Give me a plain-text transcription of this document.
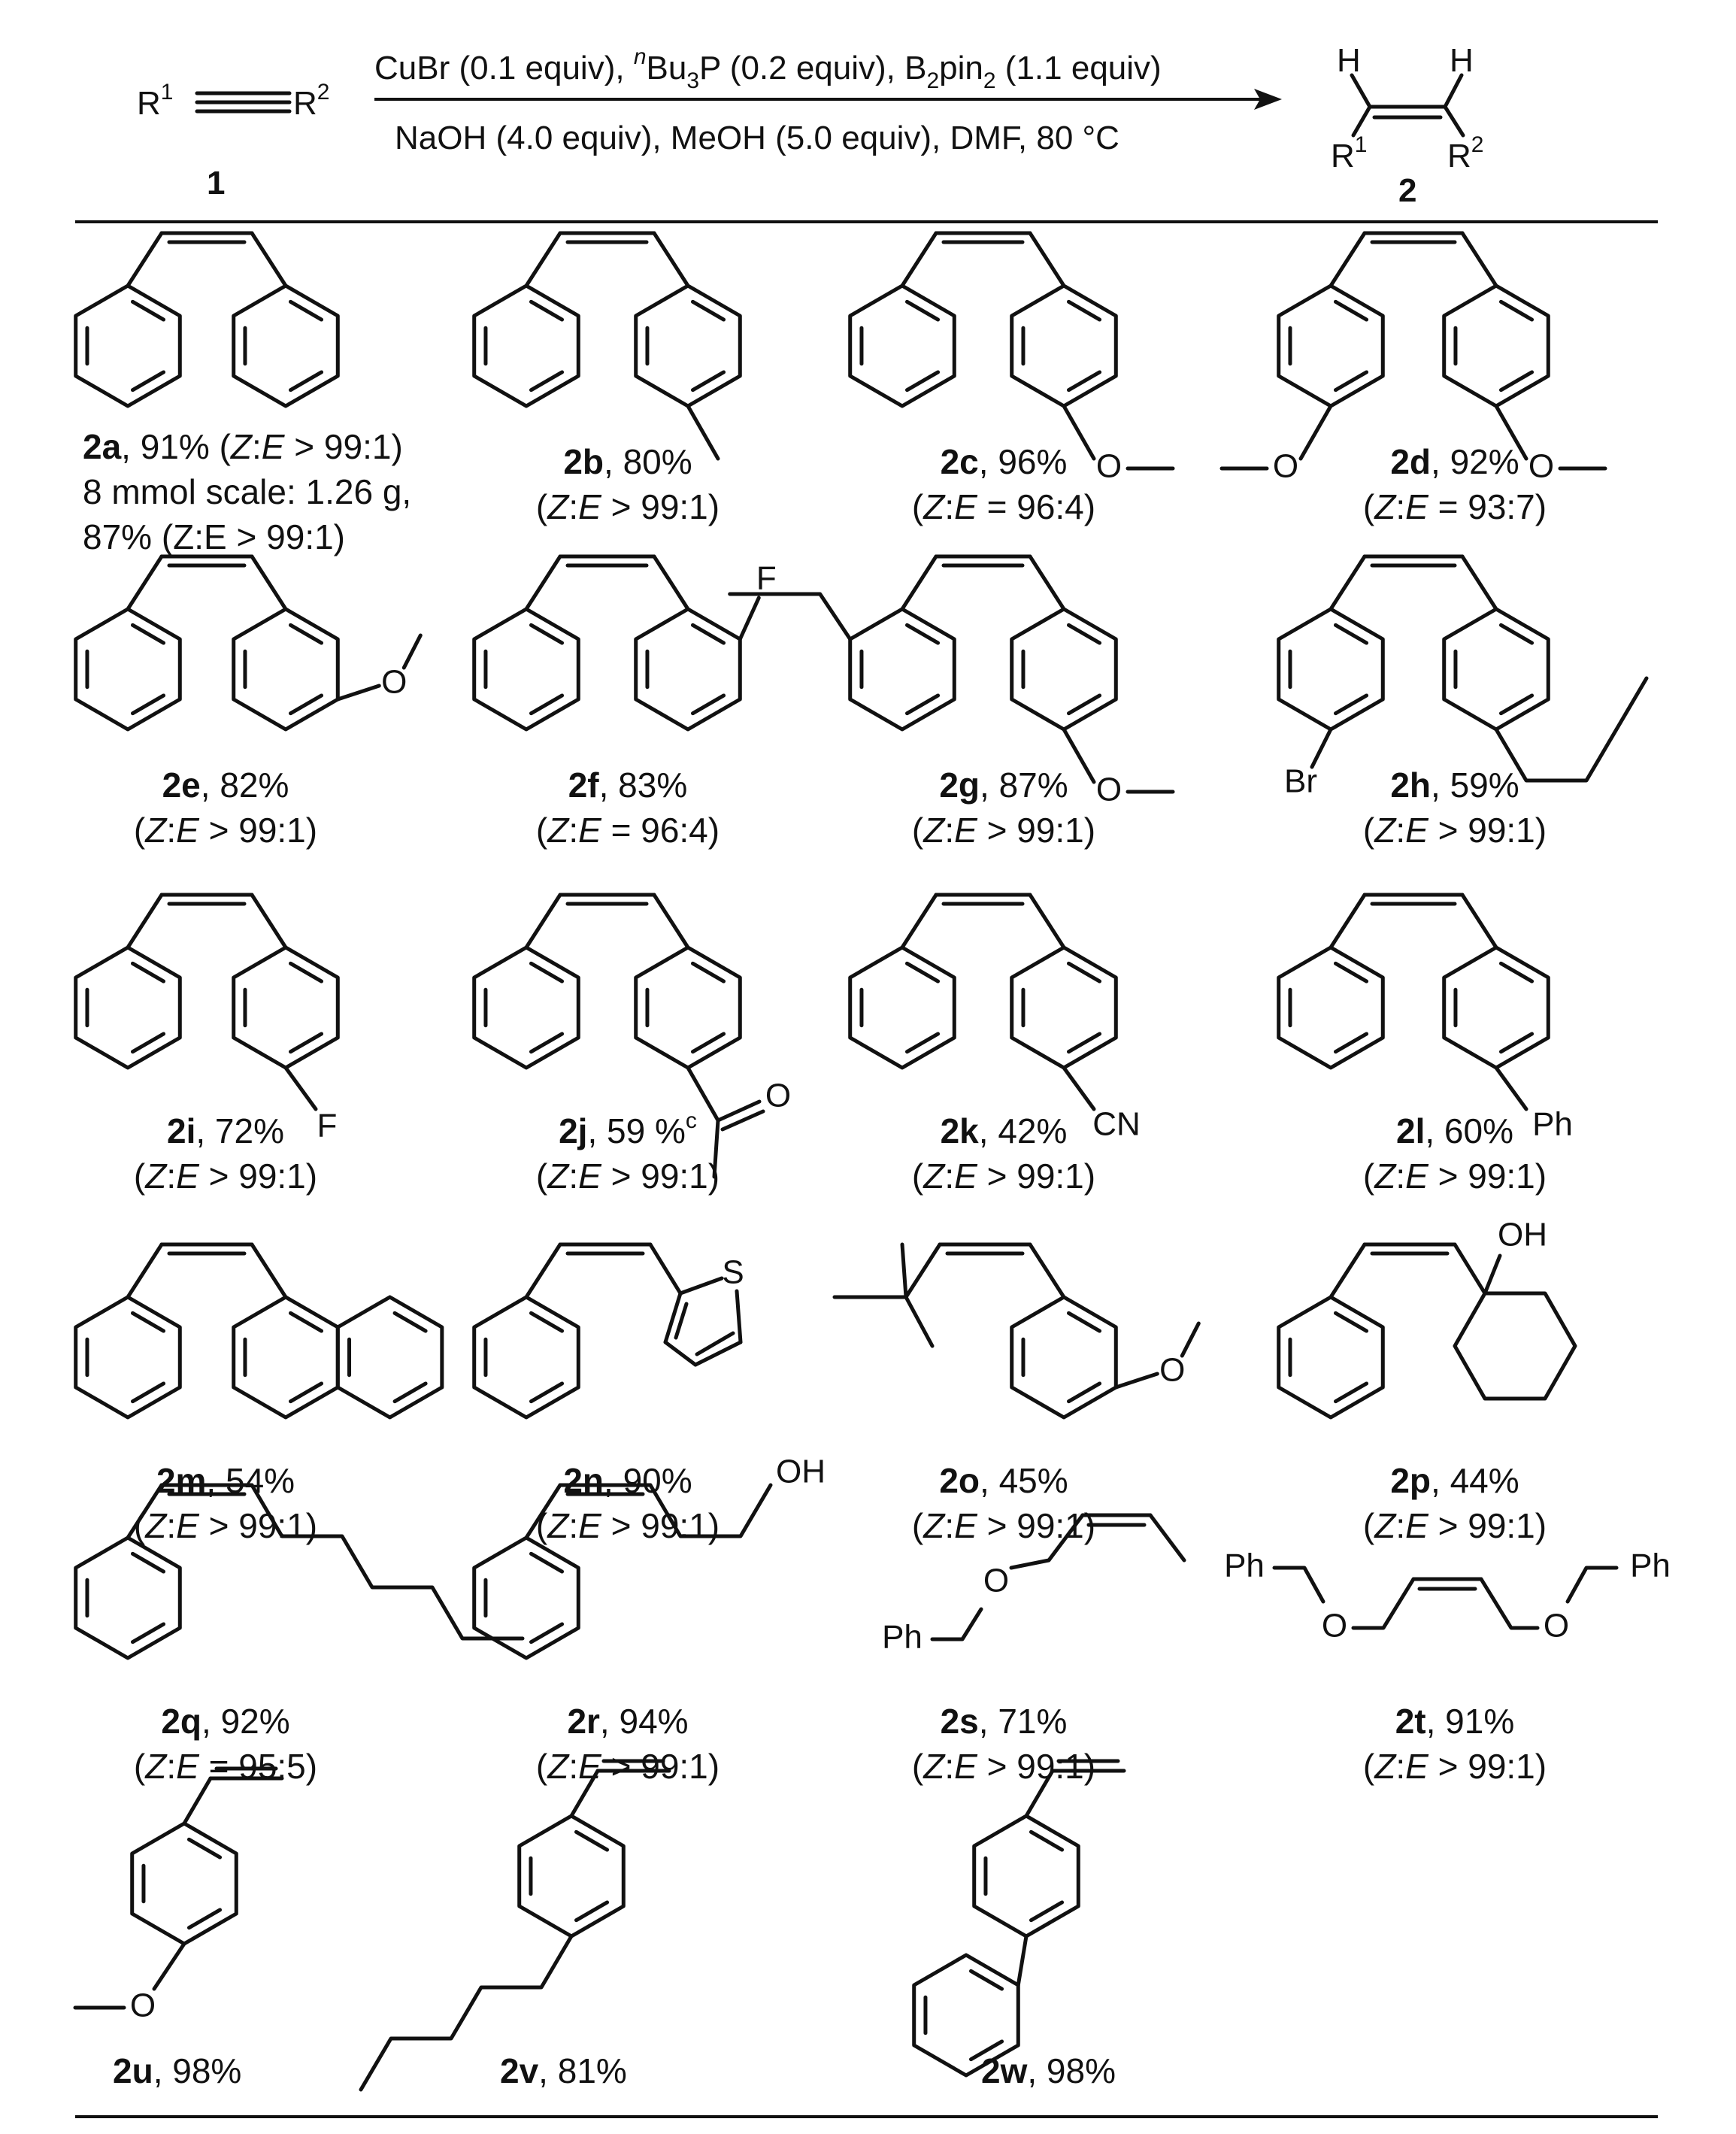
$R^1$	$R^2$
1
CuBr (0.1 equiv), $^nBu_3P$ (0.2 equiv), $B_2pin_2$ (1.1 equiv)
NaOH (4.0 equiv), MeOH (5.0 equiv), DMF, 80 °C
H	H
$R^1$ $R^2$
2
O	O	O
O
F
O	Br
F
O
CN	Ph
S
O
OH
OH
Ph
O	Ph
O	O
Ph
O
2a, 91% (Z:E > 99:1)
8 mmol scale: 1.26 g,
87% (Z:E > 99:1)
2b, 80%
(Z:E > 99:1)
2c, 96%
(Z:E = 96:4)
2d, 92%
(Z:E = 93:7)
2e, 82%
(Z:E > 99:1)
2f, 83%
(Z:E = 96:4)
2g, 87%
(Z:E > 99:1)
2h, 59%
(Z:E > 99:1)
2i, 72%
(Z:E > 99:1)
2j, 59 %$^c$
(Z:E > 99:1)
2k, 42%
(Z:E > 99:1)
2l, 60%
(Z:E > 99:1)
2m, 54%
(Z:E > 99:1)
2n, 90%
(Z:E > 99:1)
2o, 45%
(Z:E > 99:1)
2p, 44%
(Z:E > 99:1)
2q, 92%
(Z:E = 95:5)
2r, 94%
(Z:E > 99:1)
2s, 71%
(Z:E > 99:1)
2t, 91%
(Z:E > 99:1)
2u, 98%	2v, 81%	2w, 98%
